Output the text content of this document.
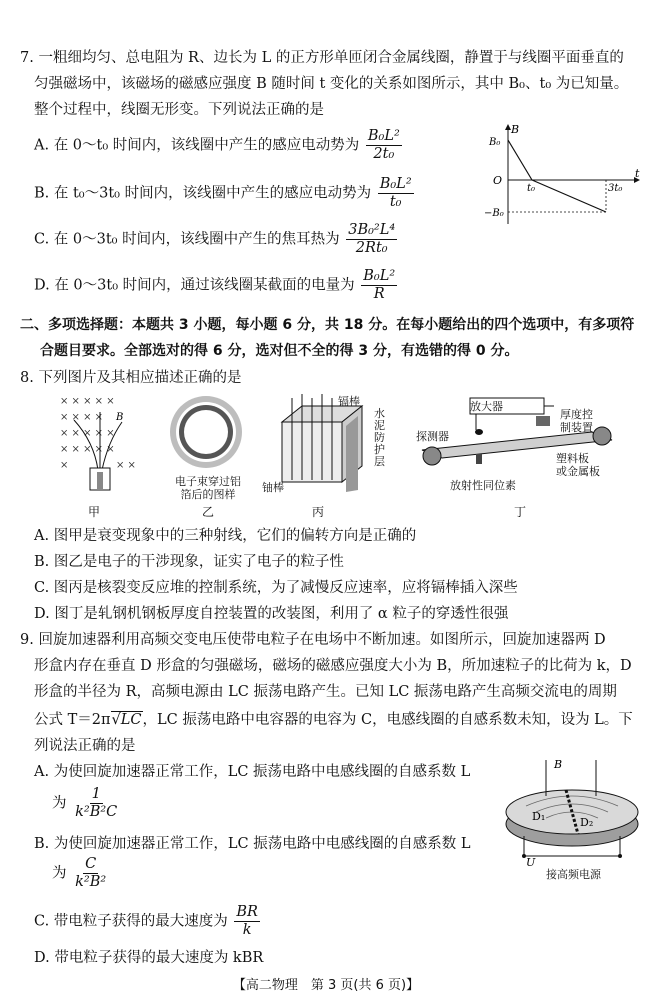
7. 一粗细均匀、总电阻为 R、边长为 L 的正方形单匝闭合金属线圈，静置于与线圈平面垂直的
匀强磁场中，该磁场的磁感应强度 B 随时间 t 变化的关系如图所示，其中 B₀、t₀ 为已知量。
整个过程中，线圈无形变。下列说法正确的是
A. 在 0～t₀ 时间内，该线圈中产生的感应电动势为 $\frac{\text{B₀L²}}{\text{2t₀}}$
B. 在 t₀～3t₀ 时间内，该线圈中产生的感应电动势为 $\frac{\text{B₀L²}}{\text{t₀}}$
C. 在 0～3t₀ 时间内，该线圈中产生的焦耳热为 $\frac{\text{3B₀²L⁴}}{\text{2Rt₀}}$
D. 在 0～3t₀ 时间内，通过该线圈某截面的电量为 $\frac{\text{B₀L²}}{R}$
B
t
B₀
O
−B₀
t₀	3t₀
二、多项选择题：本题共 3 小题，每小题 6 分，共 18 分。在每小题给出的四个选项中，有多项符
合题目要求。全部选对的得 6 分，选对但不全的得 3 分，有选错的得 0 分。
8. 下列图片及其相应描述正确的是
× × × × ×
× × × ×
× × × × ×
× × × × ×
×	× ×
B
电子束穿过铝
箔后的图样
镉棒
铀棒
水
泥
防
护
层
放大器
探测器
厚度控
制装置
塑料板
或金属板
放射性同位素
甲	乙	丙	丁
A. 图甲是衰变现象中的三种射线，它们的偏转方向是正确的
B. 图乙是电子的干涉现象，证实了电子的粒子性
C. 图丙是核裂变反应堆的控制系统，为了减慢反应速率，应将镉棒插入深些
D. 图丁是轧钢机钢板厚度自控装置的改装图，利用了 α 粒子的穿透性很强
9. 回旋加速器利用高频交变电压使带电粒子在电场中不断加速。如图所示，回旋加速器两 D
形盒内存在垂直 D 形盒的匀强磁场，磁场的磁感应强度大小为 B，所加速粒子的比荷为 k，D
形盒的半径为 R，高频电源由 LC 振荡电路产生。已知 LC 振荡电路产生高频交流电的周期
公式 T＝2π√LC，LC 振荡电路中电容器的电容为 C，电感线圈的自感系数未知，设为 L。下
列说法正确的是
A. 为使回旋加速器正常工作，LC 振荡电路中电感线圈的自感系数 L
为 $\frac{1}{\text{k²B²C}}$
B. 为使回旋加速器正常工作，LC 振荡电路中电感线圈的自感系数 L
为 $\frac{C}{\text{k²B²}}$
C. 带电粒子获得的最大速度为 $\frac{BR}{k}$
D. 带电粒子获得的最大速度为 kBR
B
D₁	D₂
U
接高频电源
【高二物理　第 3 页(共 6 页)】
